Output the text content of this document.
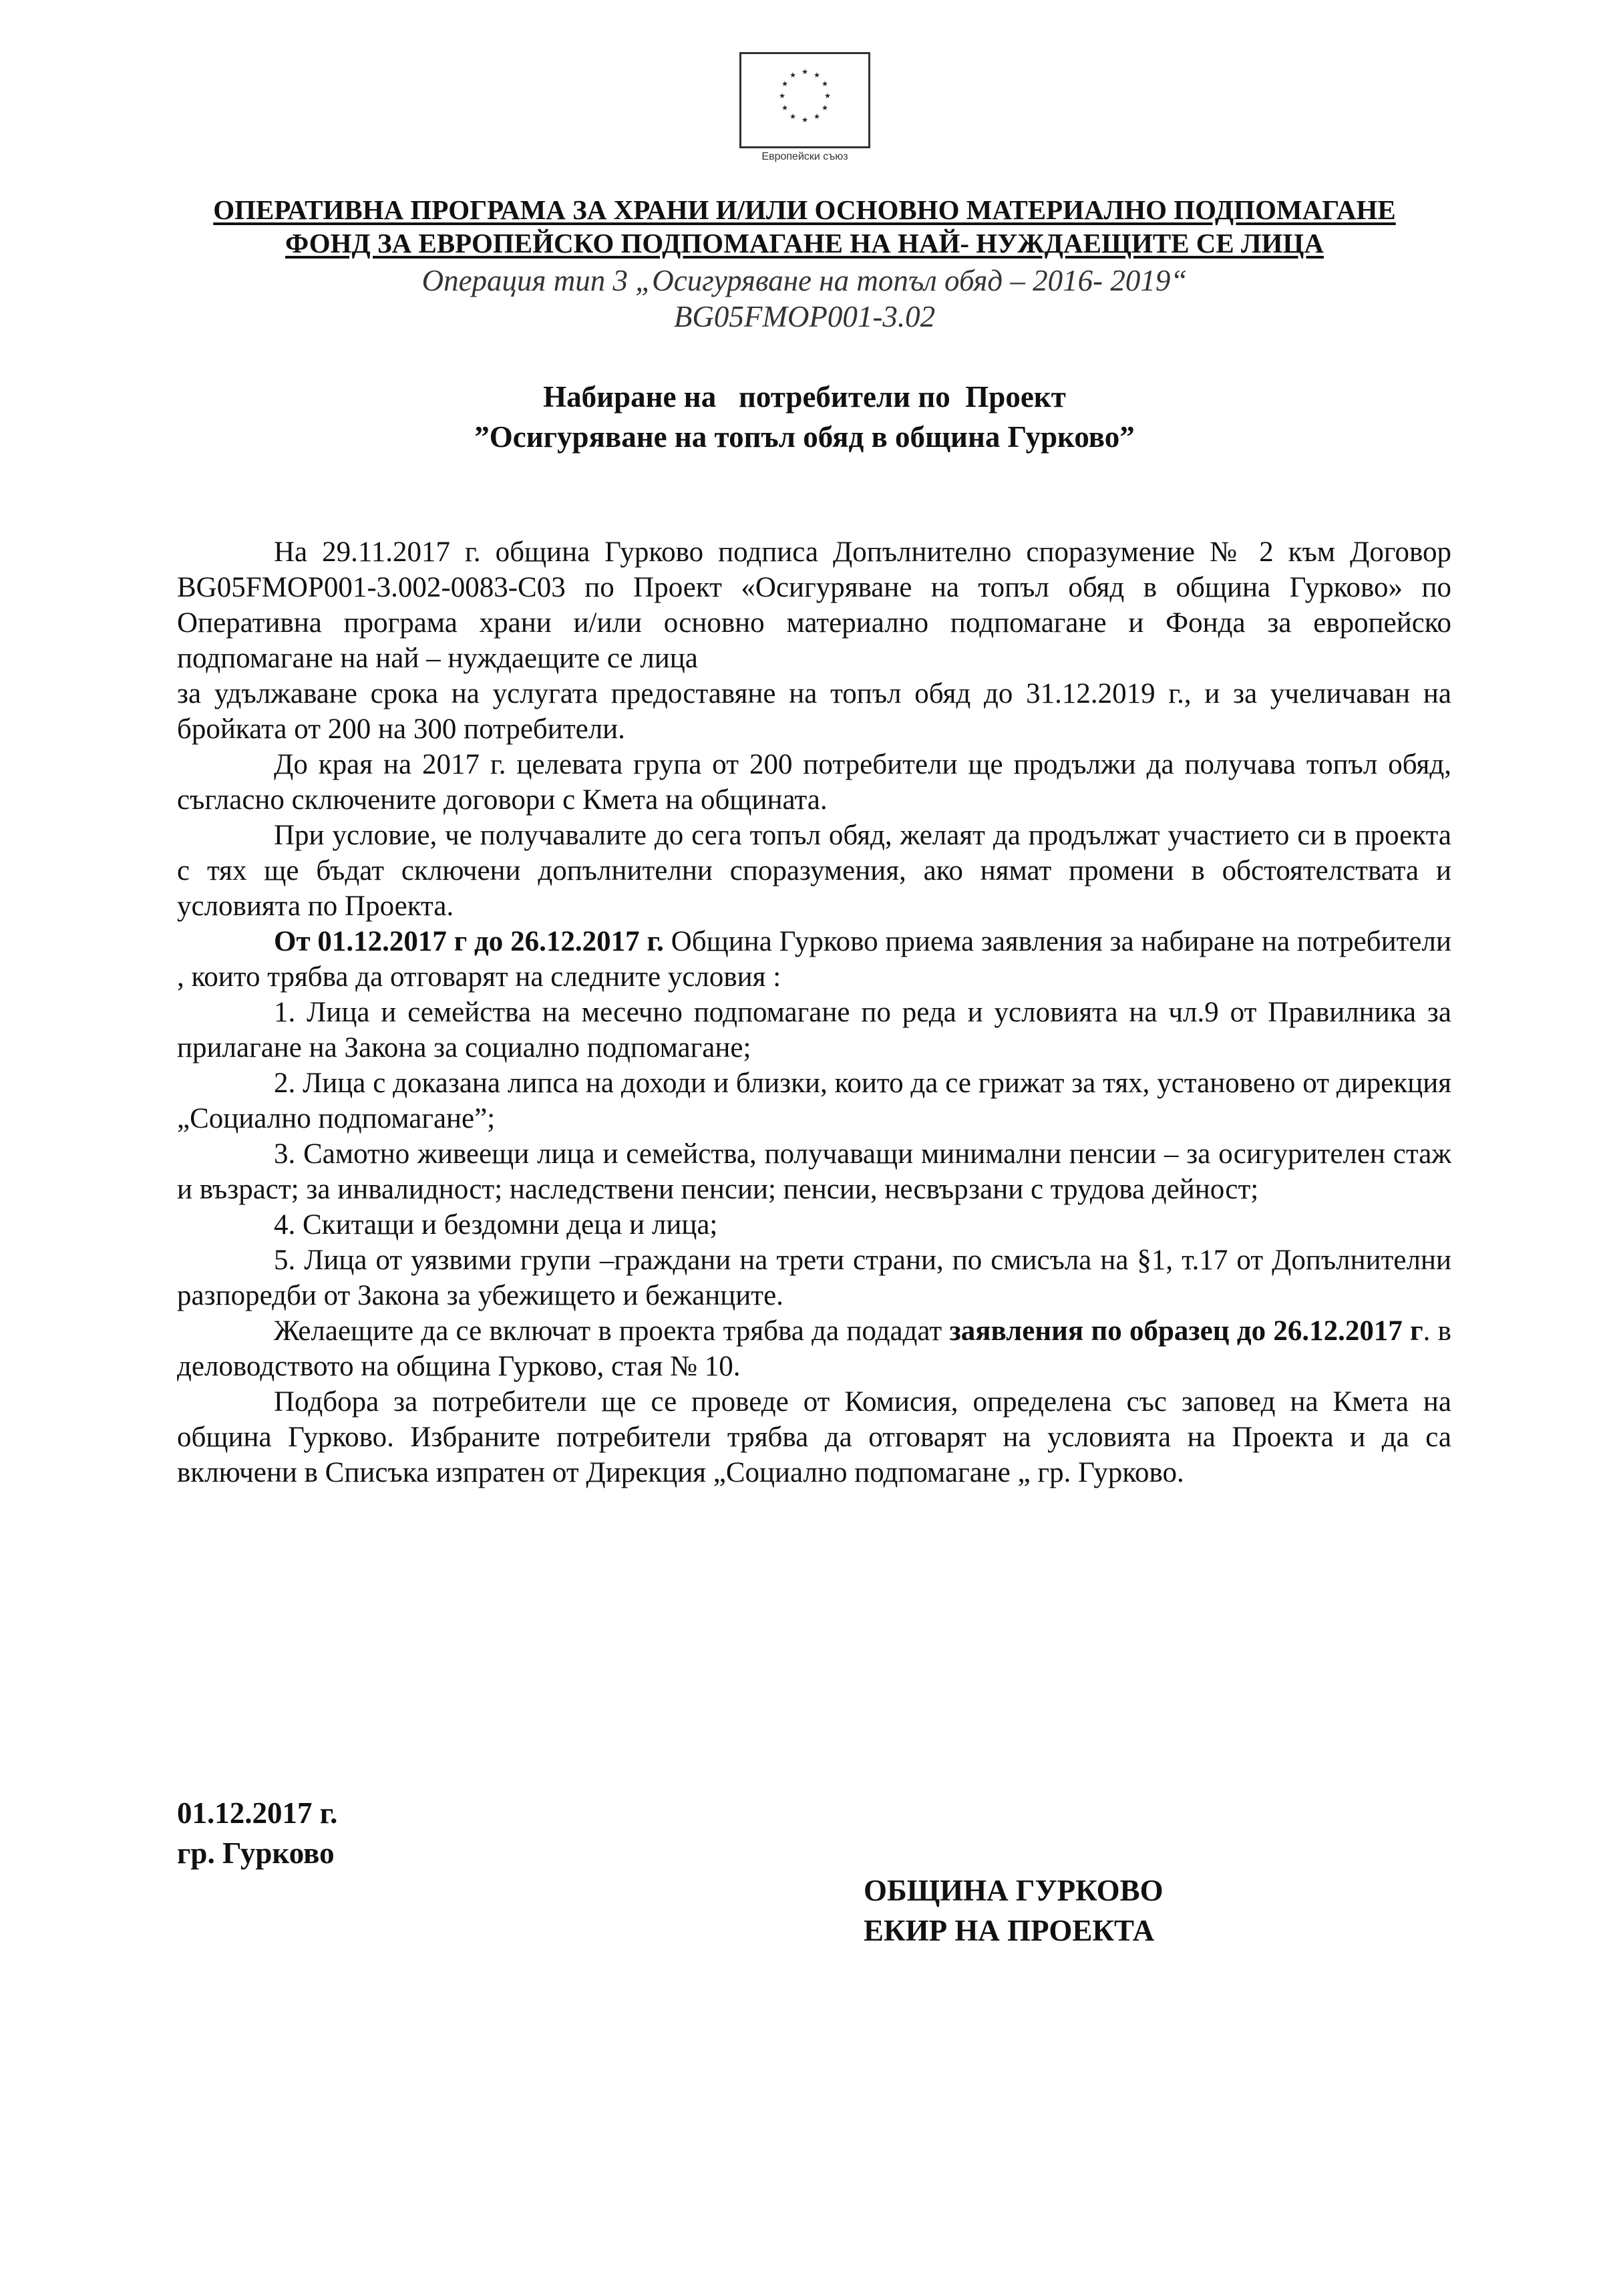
★ ★
★
★
★
★
★
★
★
★
★
★
Европейски съюз
ОПЕРАТИВНА ПРОГРАМА ЗА ХРАНИ И/ИЛИ ОСНОВНО МАТЕРИАЛНО ПОДПОМАГАНЕ
ФОНД ЗА ЕВРОПЕЙСКО ПОДПОМАГАНЕ НА НАЙ- НУЖДАЕЩИТЕ СЕ ЛИЦА
Операция тип 3 „Осигуряване на топъл обяд – 2016- 2019“
BG05FMOP001-3.02
Набиране на   потребители по  Проект
”Осигуряване на топъл обяд в община Гурково”

На 29.11.2017 г. община Гурково подписа Допълнително споразумение № 2 към Договор BG05FMOP001-3.002-0083-C03 по Проект «Осигуряване на топъл обяд в община Гурково» по Оперативна програма храни и/или основно материално подпомагане и Фонда за европейско подпомагане на най – нуждаещите се лица

за удължаване срока на услугата предоставяне на топъл обяд до 31.12.2019 г., и за учеличаван на бройката от 200 на 300 потребители.

До края на 2017 г. целевата група от 200 потребители ще продължи да получава топъл обяд, съгласно сключените договори с Кмета на общината.

При условие, че получавалите до сега топъл обяд, желаят да продължат участието си в проекта с тях ще бъдат сключени допълнителни споразумения, ако нямат промени в обстоятелствата и условията по Проекта.

От 01.12.2017 г до 26.12.2017 г. Община Гурково приема заявления за набиране на потребители , които трябва да отговарят на следните условия :

1. Лица и семейства на месечно подпомагане по реда и условията на чл.9 от Правилника за прилагане на Закона за социално подпомагане;

2. Лица с доказана липса на доходи и близки, които да се грижат за тях, установено от дирекция „Социално подпомагане”;

3. Самотно живеещи лица и семейства, получаващи минимални пенсии – за осигурителен стаж и възраст; за инвалидност; наследствени пенсии; пенсии, несвързани с трудова дейност;

4. Скитащи и бездомни деца и лица;

5. Лица от уязвими групи –граждани на трети страни, по смисъла на §1, т.17 от Допълнителни разпоредби от Закона за убежището и бежанците.

Желаещите да се включат в проекта трябва да подадат заявления по образец до 26.12.2017 г. в деловодството на община Гурково, стая № 10.

Подбора за потребители ще се проведе от Комисия, определена със заповед на Кмета на община Гурково. Избраните потребители трябва да отговарят на условията на Проекта и да са включени в Списъка изпратен от Дирекция „Социално подпомагане „ гр. Гурково.

01.12.2017 г.
гр. Гурково
ОБЩИНА ГУРКОВО
ЕКИР НА ПРОЕКТА
